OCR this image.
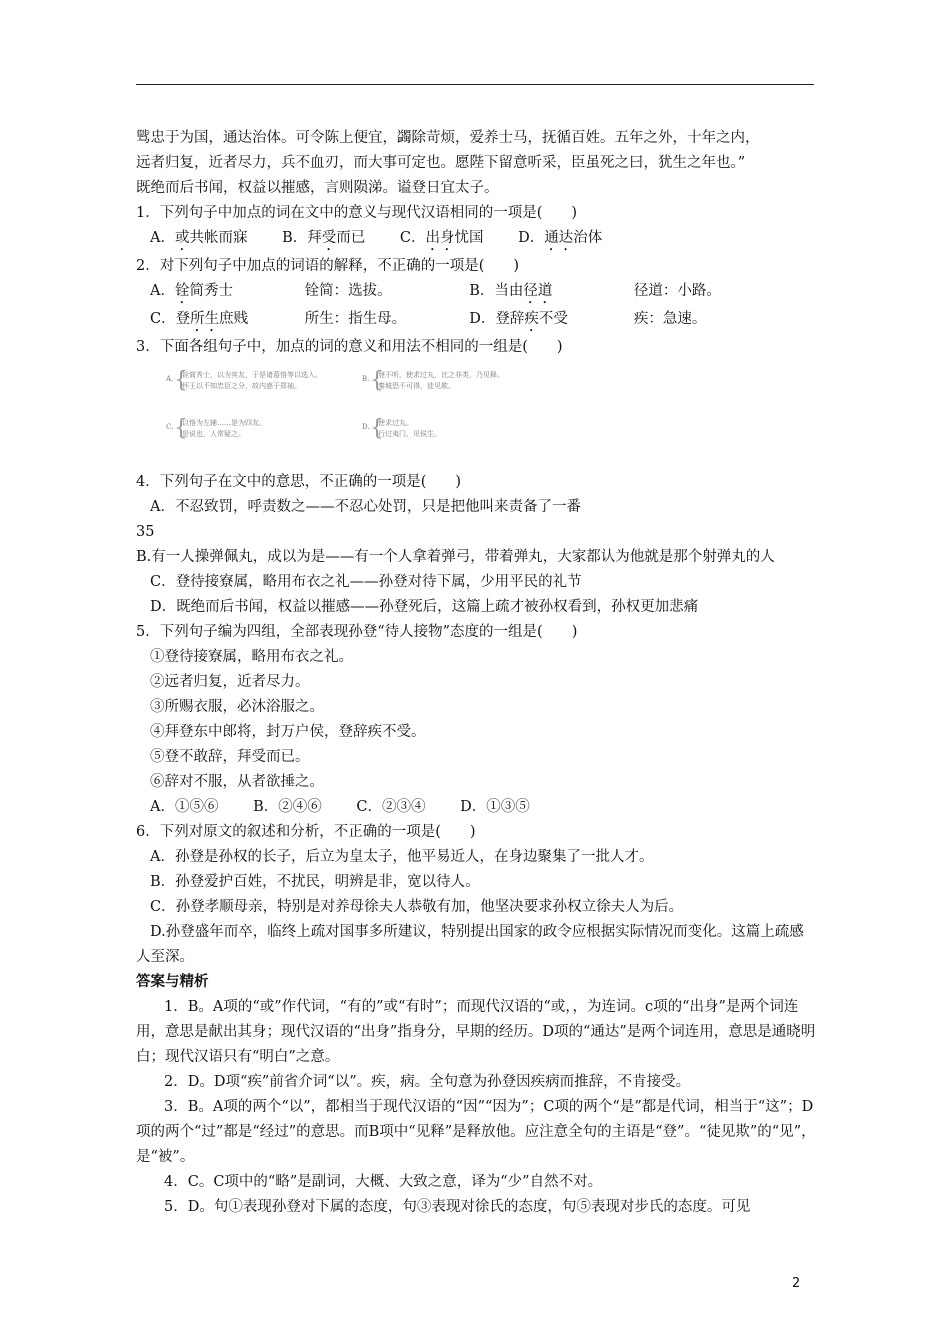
骘忠于为国，通达治体。可令陈上便宜，蠲除苛烦，爱养士马，抚循百姓。五年之外，十年之内，

远者归复，近者尽力，兵不血刃，而大事可定也。愿陛下留意听采，臣虽死之曰，犹生之年也。”

既绝而后书闻，权益以摧感，言则陨涕。谥登日宜太子。

1．下列句子中加点的词在文中的意义与现代汉语相同的一项是(　　)

A．或共帐而寐 B．拜受而已 C．出身忧国 D．通达治体

2．对下列句子中加点的词语的解释，不正确的一项是(　　)

A．铨简秀士	铨简：选拔。	B．当由径道	径道：小路。

C．登所生庶贱	所生：指生母。	D．登辞疾不受	疾：急速。

3．下面各组句子中，加点的词的意义和用法不相同的一组是(　　)

A. {
铨简秀士，以为宾友，于是诸葛恪等以选入。
怀王以不知忠臣之分，故内惑于郑袖。
B. {
登不听，使求过丸，比之非类，乃见释。
秦城恐不可得，徒见欺。
C. {
以恪为左辅……是为四友。
是说也，人常疑之。
D. {
使求过丸。
行过夷门，见侯生。

4．下列句子在文中的意思，不正确的一项是(　　)

A．不忍致罚，呼责数之——不忍心处罚，只是把他叫来责备了一番

35

B.有一人操弹佩丸，成以为是——有一个人拿着弹弓，带着弹丸，大家都认为他就是那个射弹丸的人

C．登待接寮属，略用布衣之礼——孙登对待下属，少用平民的礼节

D．既绝而后书闻，权益以摧感——孙登死后，这篇上疏才被孙权看到，孙权更加悲痛

5．下列句子编为四组，全部表现孙登“待人接物”态度的一组是(　　)

①登待接寮属，略用布衣之礼。

②远者归复，近者尽力。

③所赐衣服，必沐浴服之。

④拜登东中郎将，封万户侯，登辞疾不受。

⑤登不敢辞，拜受而已。

⑥辞对不服，从者欲捶之。

A．①⑤⑥ B．②④⑥ C．②③④ D．①③⑤

6．下列对原文的叙述和分析，不正确的一项是(　　)

A．孙登是孙权的长子，后立为皇太子，他平易近人，在身边聚集了一批人才。

B．孙登爱护百姓，不扰民，明辨是非，宽以待人。

C．孙登孝顺母亲，特别是对养母徐夫人恭敬有加，他坚决要求孙权立徐夫人为后。

D.孙登盛年而卒，临终上疏对国事多所建议，特别提出国家的政令应根据实际情况而变化。这篇上疏感人至深。

答案与精析

1．B。A项的“或”作代词，“有的”或“有时”；而现代汉语的“或，，为连词。c项的“出身”是两个词连用，意思是献出其身；现代汉语的“出身”指身分，早期的经历。D项的“通达”是两个词连用，意思是通晓明白；现代汉语只有“明白”之意。

2．D。D项“疾”前省介词“以”。疾，病。全句意为孙登因疾病而推辞，不肯接受。

3．B。A项的两个“以”，都相当于现代汉语的“因”“因为”；C项的两个“是”都是代词，相当于“这”；D项的两个“过”都是“经过”的意思。而B项中“见释”是释放他。应注意全句的主语是“登”。“徒见欺”的“见”，是“被”。

4．C。C项中的“略”是副词，大概、大致之意，译为“少”自然不对。

5．D。句①表现孙登对下属的态度，句③表现对徐氏的态度，句⑤表现对步氏的态度。可见

2
